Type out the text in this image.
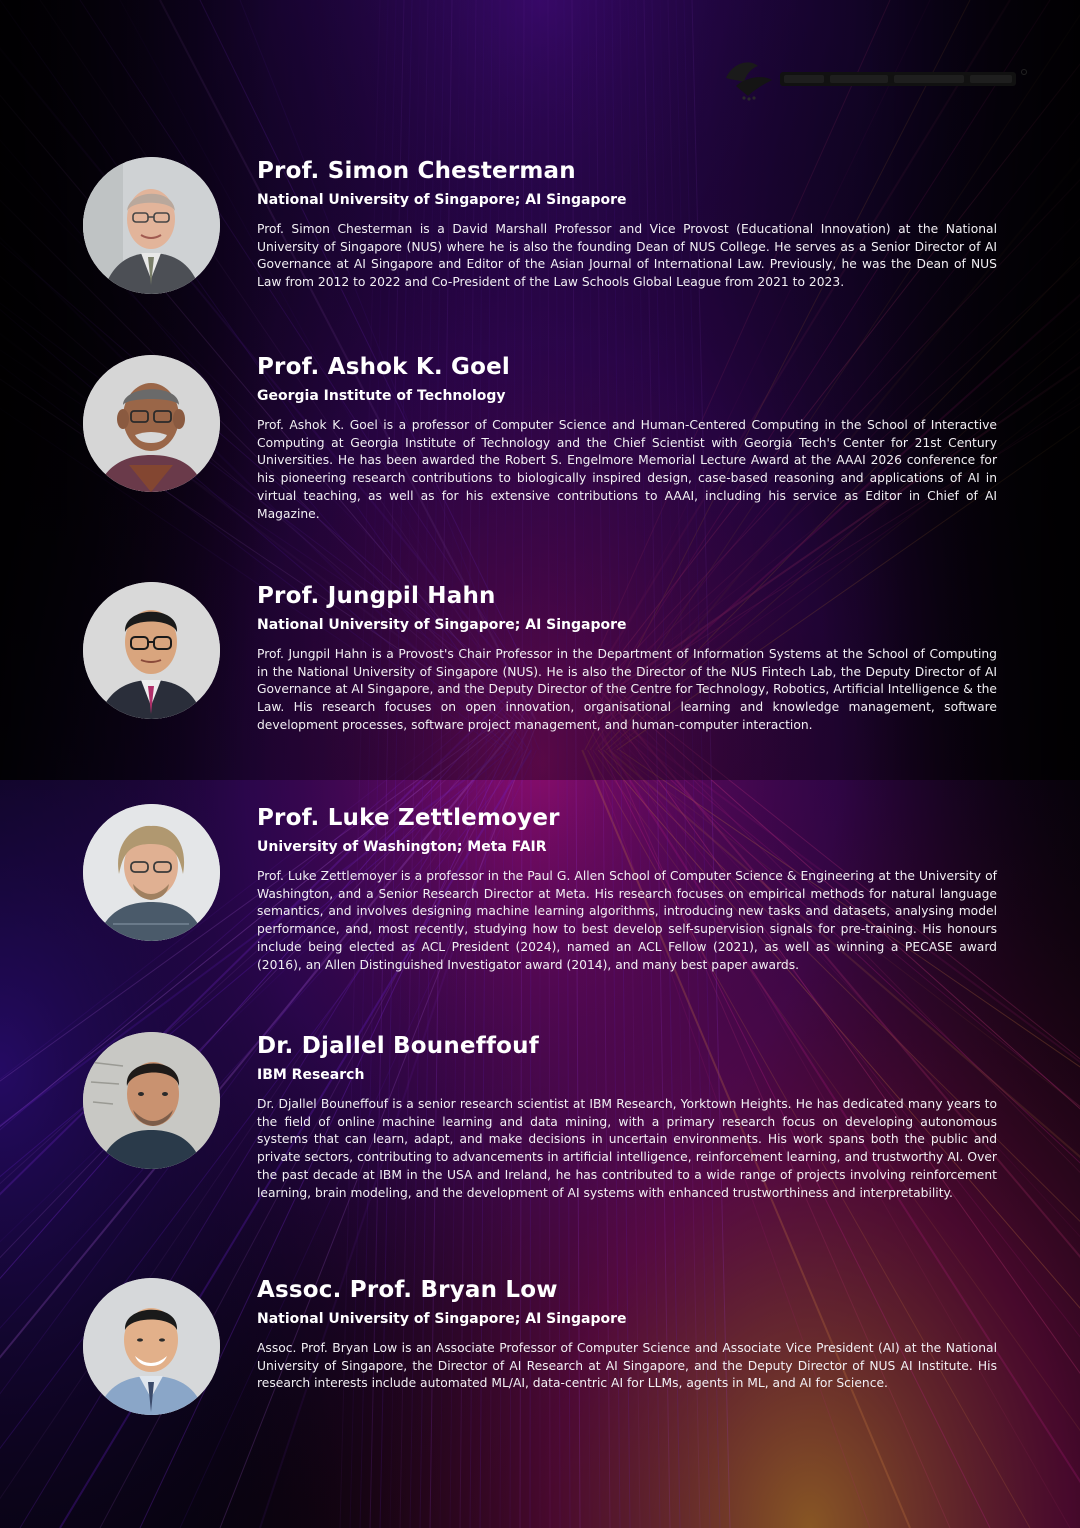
Prof. Simon Chesterman

National University of Singapore; AI Singapore

Prof. Simon Chesterman is a David Marshall Professor and Vice Provost (Educational Innovation) at the National University of Singapore (NUS) where he is also the founding Dean of NUS College. He serves as a Senior Director of AI Governance at AI Singapore and Editor of the Asian Journal of International Law. Previously, he was the Dean of NUS Law from 2012 to 2022 and Co-President of the Law Schools Global League from 2021 to 2023.

Prof. Ashok K. Goel

Georgia Institute of Technology

Prof. Ashok K. Goel is a professor of Computer Science and Human-Centered Computing in the School of Interactive Computing at Georgia Institute of Technology and the Chief Scientist with Georgia Tech's Center for 21st Century Universities. He has been awarded the Robert S. Engelmore Memorial Lecture Award at the AAAI 2026 conference for his pioneering research contributions to biologically inspired design, case-based reasoning and applications of AI in virtual teaching, as well as for his extensive contributions to AAAI, including his service as Editor in Chief of AI Magazine.

Prof. Jungpil Hahn

National University of Singapore; AI Singapore

Prof. Jungpil Hahn is a Provost's Chair Professor in the Department of Information Systems at the School of Computing in the National University of Singapore (NUS). He is also the Director of the NUS Fintech Lab, the Deputy Director of AI Governance at AI Singapore, and the Deputy Director of the Centre for Technology, Robotics, Artificial Intelligence & the Law. His research focuses on open innovation, organisational learning and knowledge management, software development processes, software project management, and human-computer interaction.

Prof. Luke Zettlemoyer

University of Washington; Meta FAIR

Prof. Luke Zettlemoyer is a professor in the Paul G. Allen School of Computer Science & Engineering at the University of Washington, and a Senior Research Director at Meta. His research focuses on empirical methods for natural language semantics, and involves designing machine learning algorithms, introducing new tasks and datasets, analysing model performance, and, most recently, studying how to best develop self-supervision signals for pre-training. His honours include being elected as ACL President (2024), named an ACL Fellow (2021), as well as winning a PECASE award (2016), an Allen Distinguished Investigator award (2014), and many best paper awards.

Dr. Djallel Bouneffouf

IBM Research

Dr. Djallel Bouneffouf is a senior research scientist at IBM Research, Yorktown Heights. He has dedicated many years to the field of online machine learning and data mining, with a primary research focus on developing autonomous systems that can learn, adapt, and make decisions in uncertain environments. His work spans both the public and private sectors, contributing to advancements in artificial intelligence, reinforcement learning, and trustworthy AI. Over the past decade at IBM in the USA and Ireland, he has contributed to a wide range of projects involving reinforcement learning, brain modeling, and the development of AI systems with enhanced trustworthiness and interpretability.

Assoc. Prof. Bryan Low

National University of Singapore; AI Singapore

Assoc. Prof. Bryan Low is an Associate Professor of Computer Science and Associate Vice President (AI) at the National University of Singapore, the Director of AI Research at AI Singapore, and the Deputy Director of NUS AI Institute. His research interests include automated ML/AI, data-centric AI for LLMs, agents in ML, and AI for Science.
